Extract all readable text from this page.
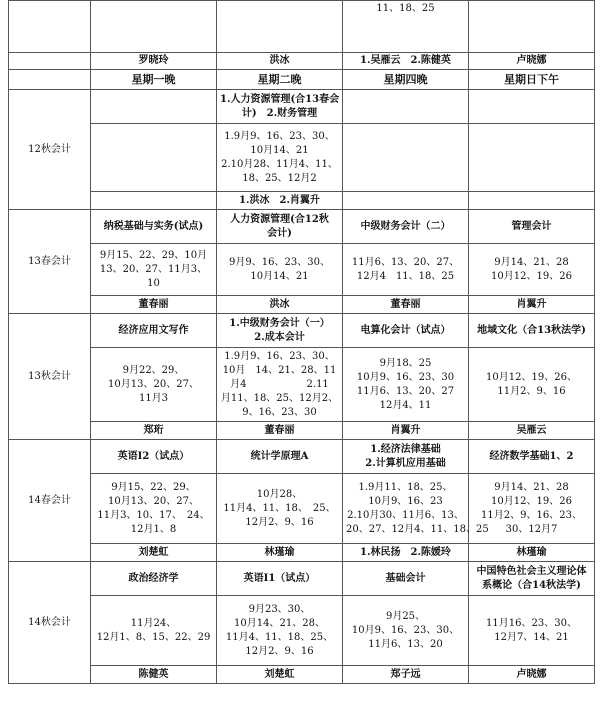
			11、18、25	
	罗晓玲	洪冰	1.吴雁云　2.陈健英	卢晓娜
	星期一晚	星期二晚	星期四晚	星期日下午
12秋会计		1.人力资源管理(合13春会
计)　2.财务管理		

		1.9月9、16、23、30、
10月14、21
2.10月28、11月4、11、
18、25、12月2		

		1.洪冰　2.肖翼升		
13春会计	纳税基础与实务(试点)	人力资源管理(合12秋
会计)	中级财务会计（二）	管理会计

	9月15、22、29、10月
13、20、27、11月3、
10	9月9、16、23、30、
10月14、21	11月6、13、20、27、
12月4　11、18、25	9月14、21、28
10月12、19、26

	董春丽	洪冰	董春丽	肖翼升
13秋会计	经济应用文写作	1.中级财务会计（一）
2.成本会计	电算化会计（试点）	地域文化（合13秋法学)

	9月22、29、
10月13、20、27、
11月3	1.9月9、16、23、30、
10月　14、21、28、11
月4　　　　　　2.11
月11、18、25、12月2、
9、16、23、30	9月18、25
10月9、16、23、30
11月6、13、20、27
12月4、11	10月12、19、26、
11月2、9、16

	郑珩	董春丽	肖翼升	吴雁云
14春会计	英语Ⅰ2（试点）	统计学原理A	1.经济法律基础
2.计算机应用基础	经济数学基础1、2

	9月15、22、29、
10月13、20、27、
11月3、10、17、　24、
12月1、8	10月28、
11月4、11、18、　25、
12月2、9、16	1.9月11、18、25、
10月9、16、23
2.10月30、11月6、13、
20、27、12月4、11、18、25	9月14、21、28
10月12、19、26
11月2、9、16、23、
30、12月7

	刘楚虹	林瑾瑜	1.林民扬　2.陈媛玲	林瑾瑜
14秋会计	政治经济学	英语Ⅰ1（试点）	基础会计	中国特色社会主义理论体
系概论（合14秋法学)

	11月24、
12月1、8、15、22、29	9月23、30、
10月14、21、28、
11月4、11、18、25、
12月2、9、16	9月25、
10月9、16、23、30、
11月6、13、20	11月16、23、30、
12月7、14、21

	陈健英	刘楚虹	郑子远	卢晓娜
